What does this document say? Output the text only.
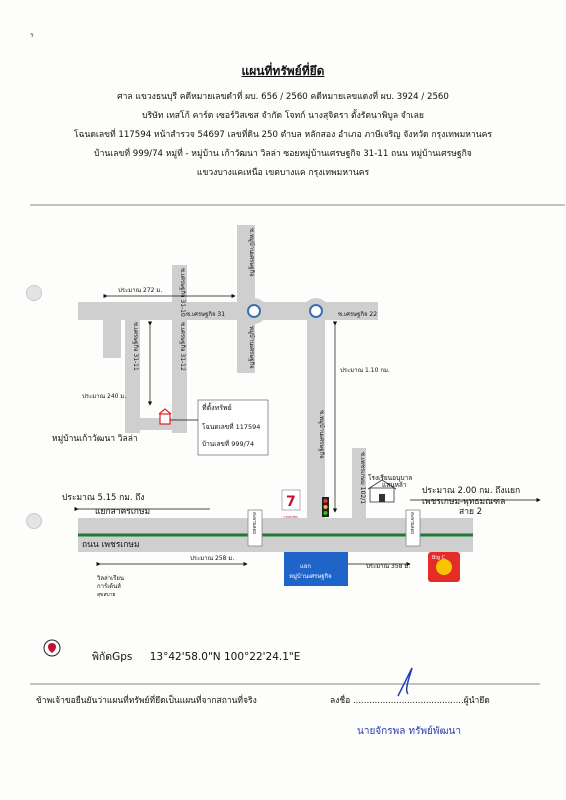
ร
แผนที่ทรัพย์ที่ยึด
ศาล แขวงธนบุรี คดีหมายเลขดำที่ ผบ. 656 / 2560 คดีหมายเลขแดงที่ ผบ. 3924 / 2560
บริษัท เทสโก้ คาร์ด เซอร์วิสเซส จำกัด โจทก์ นางสุจิตรา ตั้งรัตนาพิบูล จำเลย
โฉนดเลขที่ 117594 หน้าสำรวจ 54697 เลขที่ดิน 250 ตำบล หลักสอง อำเภอ ภาษีเจริญ จังหวัด กรุงเทพมหานคร
บ้านเลขที่ 999/74 หมู่ที่ - หมู่บ้าน เก้าวัฒนา วิลล่า ซอยหมู่บ้านเศรษฐกิจ 31-11 ถนน หมู่บ้านเศรษฐกิจ
แขวงบางแคเหนือ เขตบางแค กรุงเทพมหานคร
7
ประมาณ 272 ม.
ประมาณ 240 ม.
ประมาณ 1.10 กม.
ประมาณ 258 ม.
ประมาณ 358 ม.
ซ.เศรษฐกิจ 31	ซ.เศรษฐกิจ 22
ที่ตั้งทรัพย์
โฉนดเลขที่ 117594
บ้านเลขที่ 999/74
โรงเรียนอนุบาล
7-ELEVEN
แยก
หมู่บ้านเศรษฐกิจ
วิลล่าเรียน
การ์เด้นส์
สุขสบาย
Big C
ซ.หมู่บ้านเศรษฐกิจ
หมู่บ้านเศรษฐกิจ
ซ.หมู่บ้านเศรษฐกิจ
ซ.เศรษฐกิจ 31-11
ซ.เศรษฐกิจ 31-10
ซ.เศรษฐกิจ 31-12
ซ.เพชรเกษม 102/1
สะพานลอย	สะพานลอย
หมู่บ้านเก้าวัฒนา วิลล่า
ประมาณ 5.15 กม. ถึง
แยกสาครเกษม
ประมาณ 2.00 กม. ถึงแยก
เพชรเกษม-พุทธมณฑล
สาย 2
ถนน เพชรเกษม
แสนหล้า
พิกัดGps 13°42'58.0"N 100°22'24.1"E
ข้าพเจ้าขอยืนยันว่าแผนที่ทรัพย์ที่ยึดเป็นแผนที่จากสถานที่จริง	ลงชื่อ .........................................ผู้นำยึด
นายจักรพล ทรัพย์พัฒนา
